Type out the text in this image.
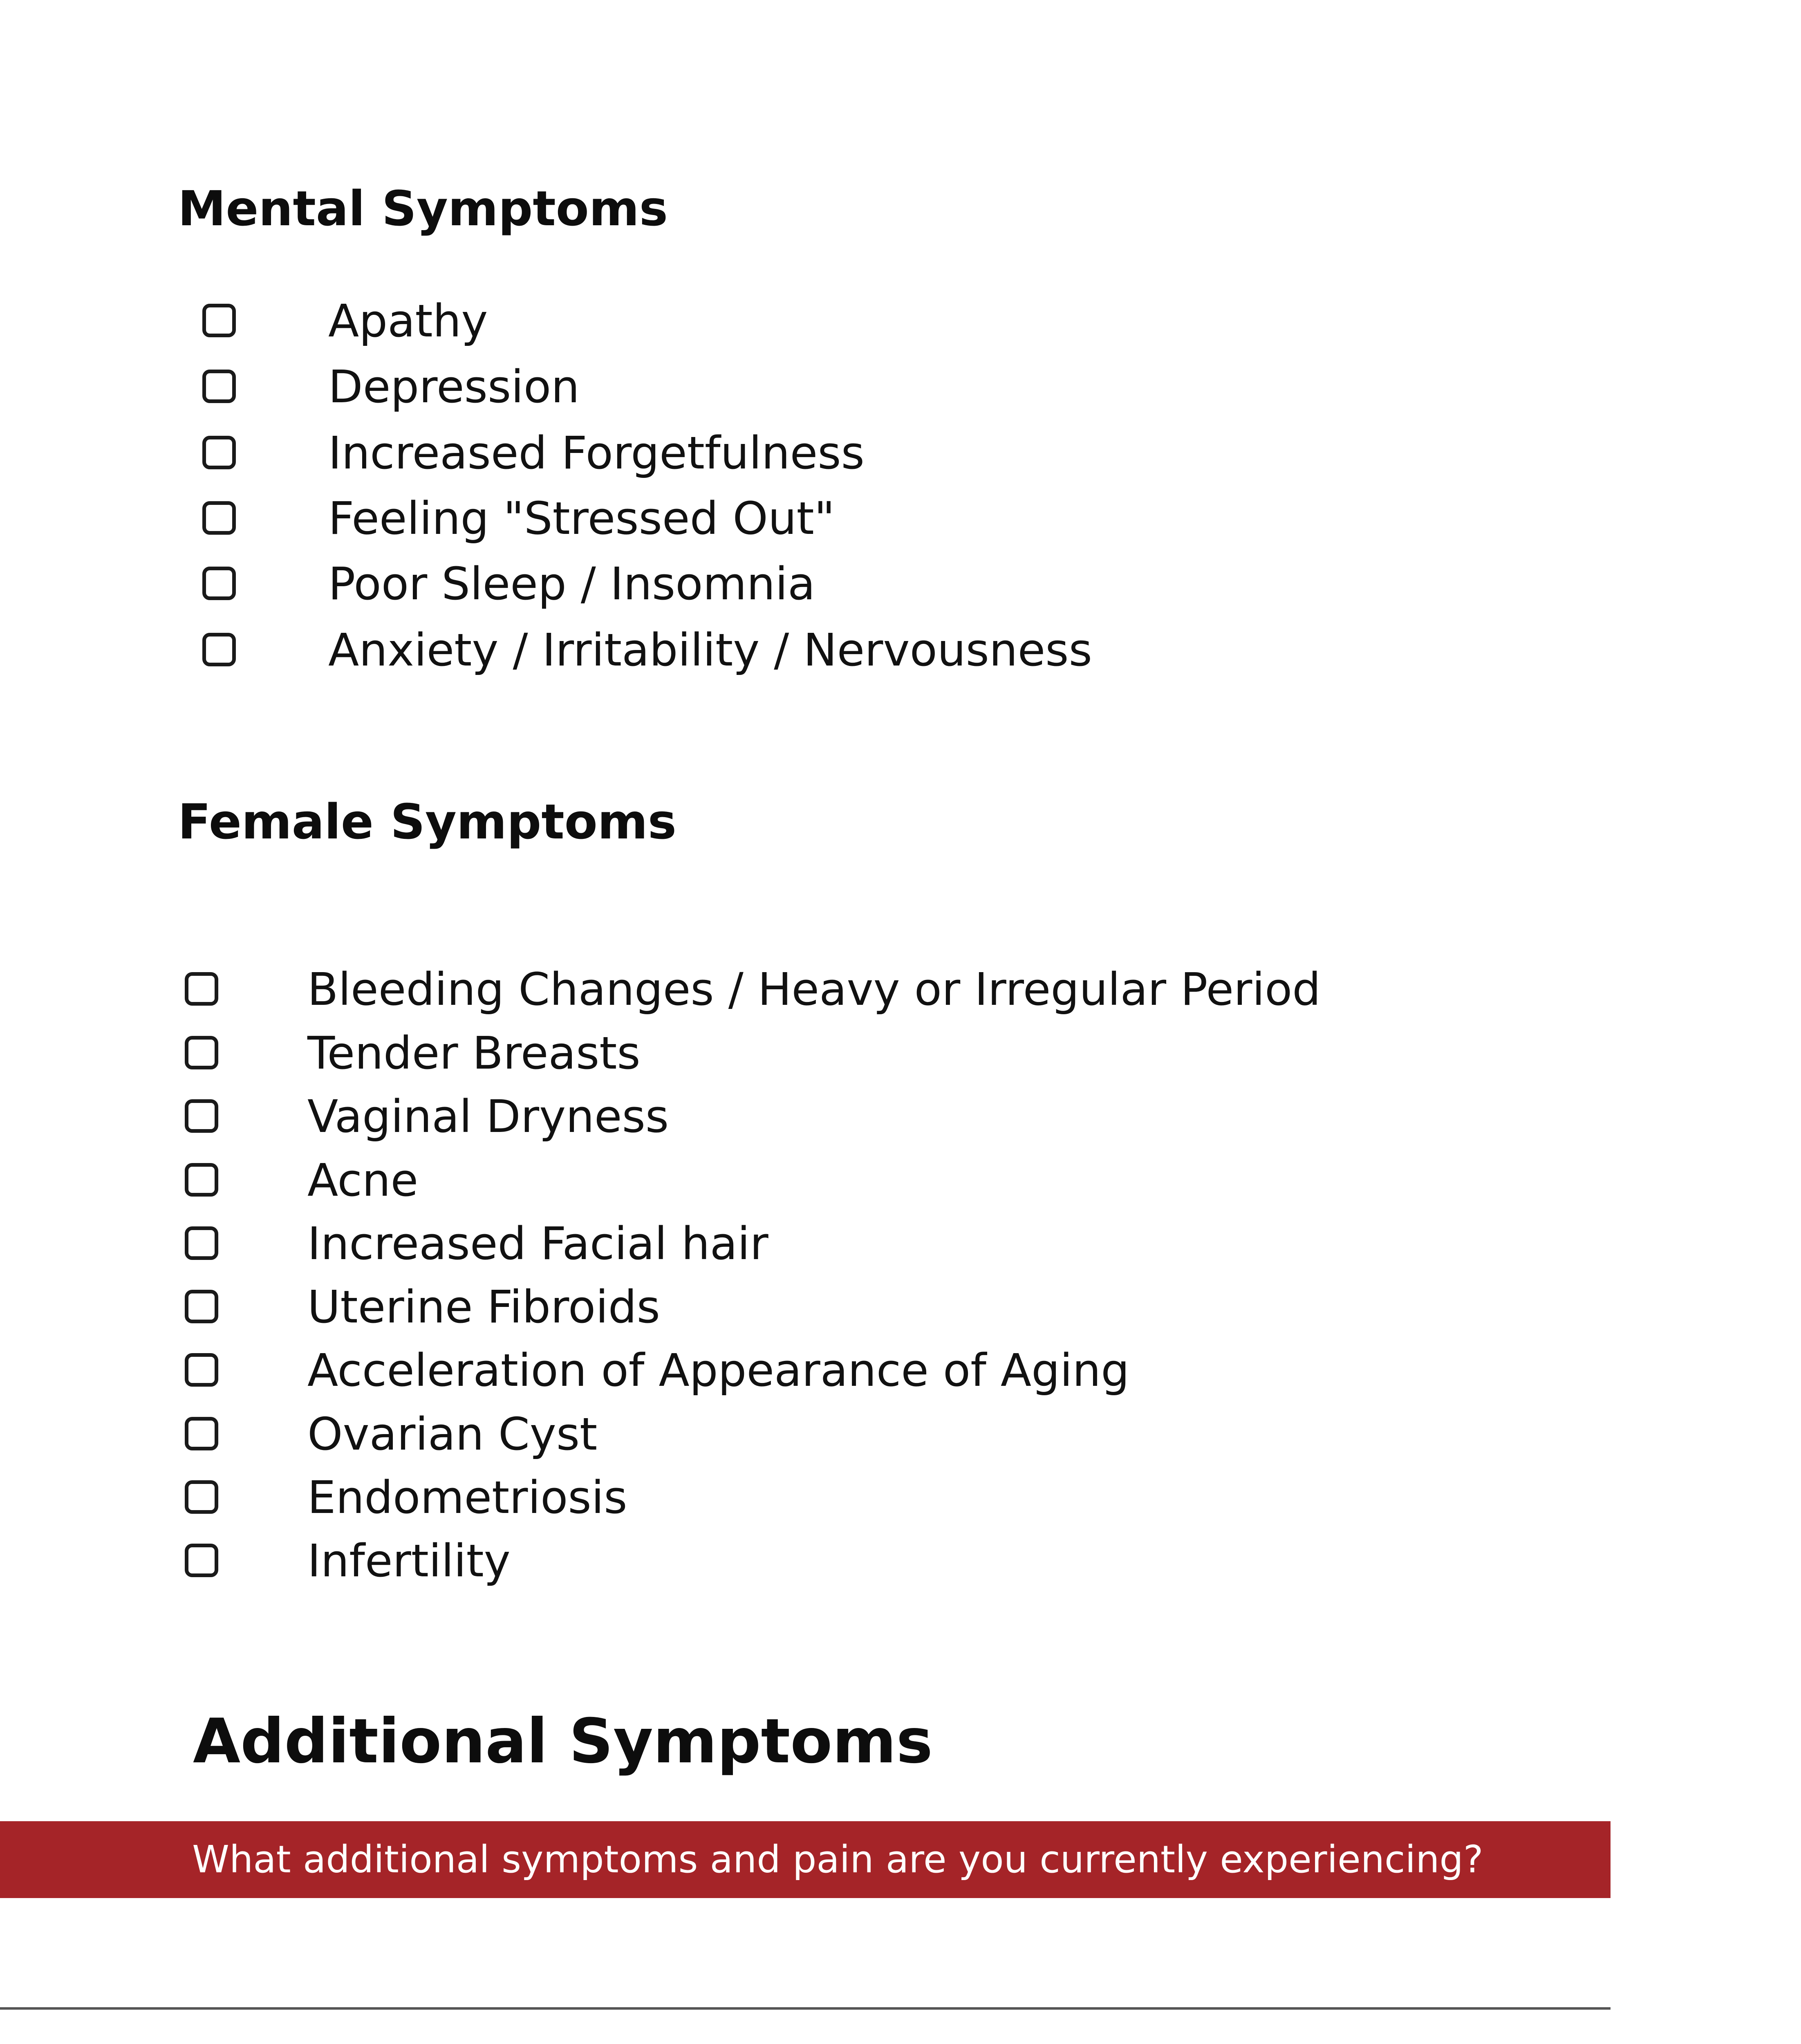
Mental Symptoms
Apathy
Depression
Increased Forgetfulness
Feeling "Stressed Out"
Poor Sleep / Insomnia
Anxiety / Irritability / Nervousness
Female Symptoms
Bleeding Changes / Heavy or Irregular Period
Tender Breasts
Vaginal Dryness
Acne
Increased Facial hair
Uterine Fibroids
Acceleration of Appearance of Aging
Ovarian Cyst
Endometriosis
Infertility
Additional Symptoms
What additional symptoms and pain are you currently experiencing?
